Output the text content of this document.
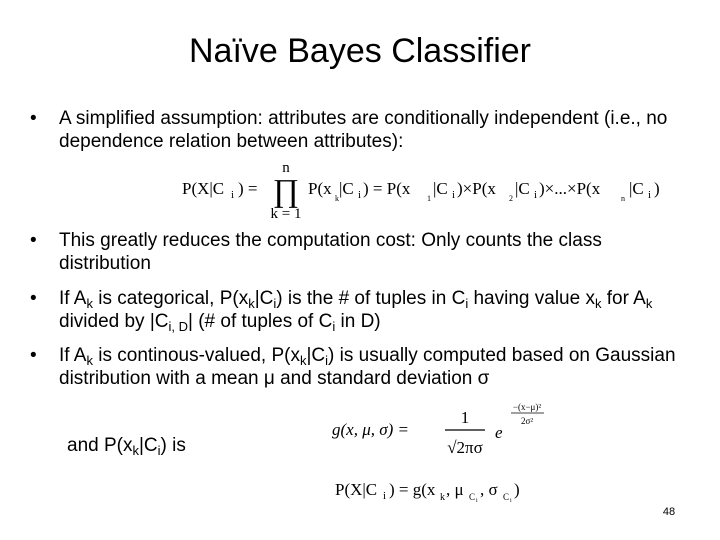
Naïve Bayes Classifier
•	A simplified assumption: attributes are conditionally independent (i.e., no dependence relation between attributes):
P(X|C i ) =
n
∏
k = 1
P(x
k
|C i ) = P(x
1
|C i )×P(x
2
|C i )×...×P(x
n
|C i )
•	This greatly reduces the computation cost: Only counts the class distribution
•	If $A_k$ is categorical, $P(x_k|C_i)$ is the # of tuples in $C_i$ having value $x_k$ for $A_k$ divided by $|C_{i, D}|$ (# of tuples of $C_i$ in D)
•	If $A_k$ is continous-valued, $P(x_k|C_i)$ is usually computed based on Gaussian distribution with a mean μ and standard deviation σ
g(x, μ, σ) =
1
√2πσ
e
−(x−μ)²
2σ²
and $P(x_k|C_i)$ is
P(X|C i ) = g(x k , μ C i
, σ C i
)
48
